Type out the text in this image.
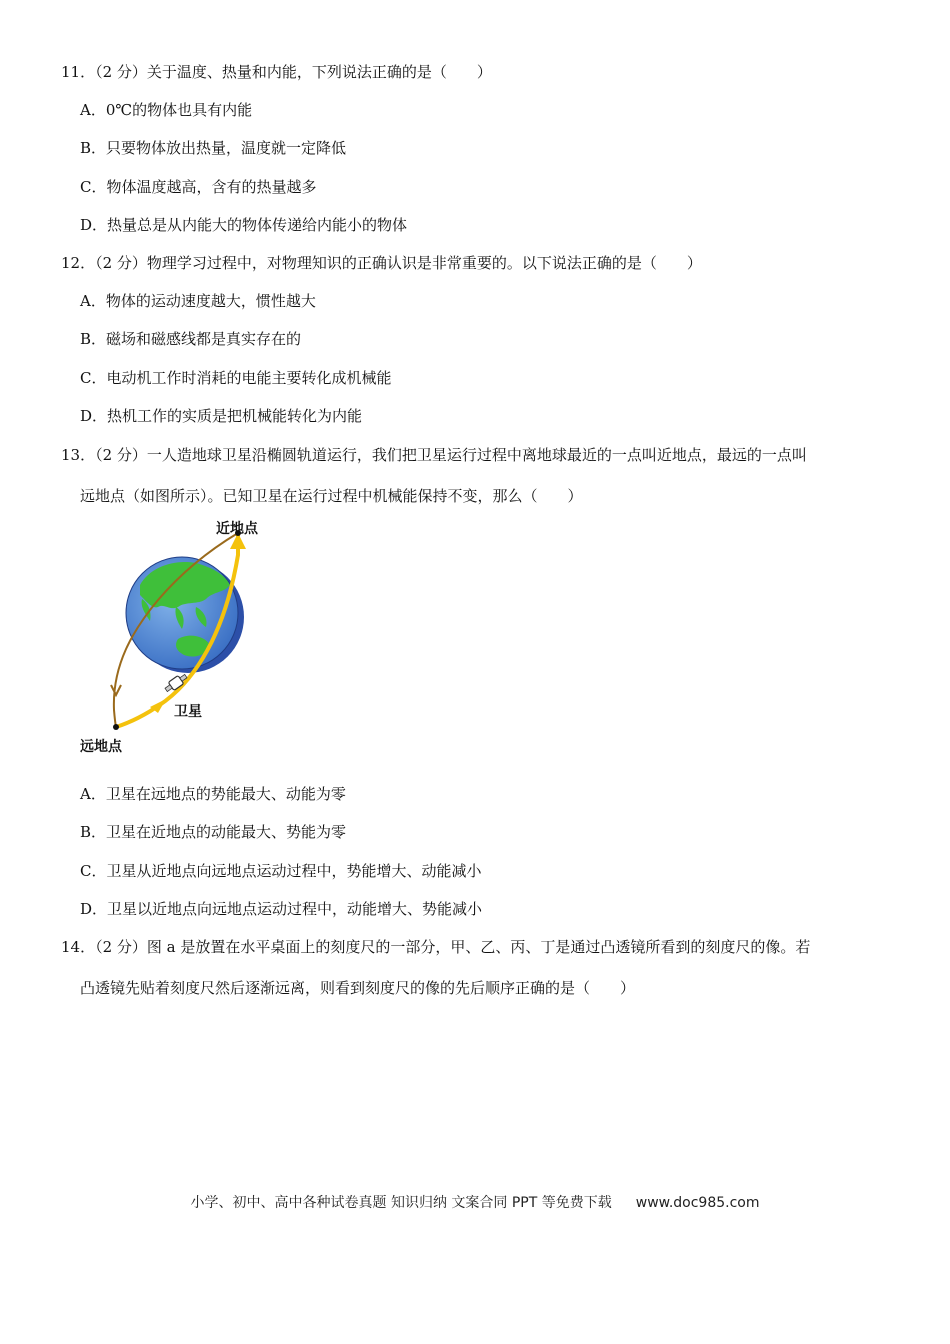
11．（2 分）关于温度、热量和内能，下列说法正确的是（　　）
A．0℃的物体也具有内能
B．只要物体放出热量，温度就一定降低
C．物体温度越高，含有的热量越多
D．热量总是从内能大的物体传递给内能小的物体
12．（2 分）物理学习过程中，对物理知识的正确认识是非常重要的。以下说法正确的是（　　）
A．物体的运动速度越大，惯性越大
B．磁场和磁感线都是真实存在的
C．电动机工作时消耗的电能主要转化成机械能
D．热机工作的实质是把机械能转化为内能
13．（2 分）一人造地球卫星沿椭圆轨道运行，我们把卫星运行过程中离地球最近的一点叫近地点，最远的一点叫
远地点（如图所示）。已知卫星在运行过程中机械能保持不变，那么（　　）
近地点
卫星
远地点
A．卫星在远地点的势能最大、动能为零
B．卫星在近地点的动能最大、势能为零
C．卫星从近地点向远地点运动过程中，势能增大、动能减小
D．卫星以近地点向远地点运动过程中，动能增大、势能减小
14．（2 分）图 a 是放置在水平桌面上的刻度尺的一部分，甲、乙、丙、丁是通过凸透镜所看到的刻度尺的像。若
凸透镜先贴着刻度尺然后逐渐远离，则看到刻度尺的像的先后顺序正确的是（　　）
小学、初中、高中各种试卷真题 知识归纳 文案合同 PPT 等免费下载 www.doc985.com
